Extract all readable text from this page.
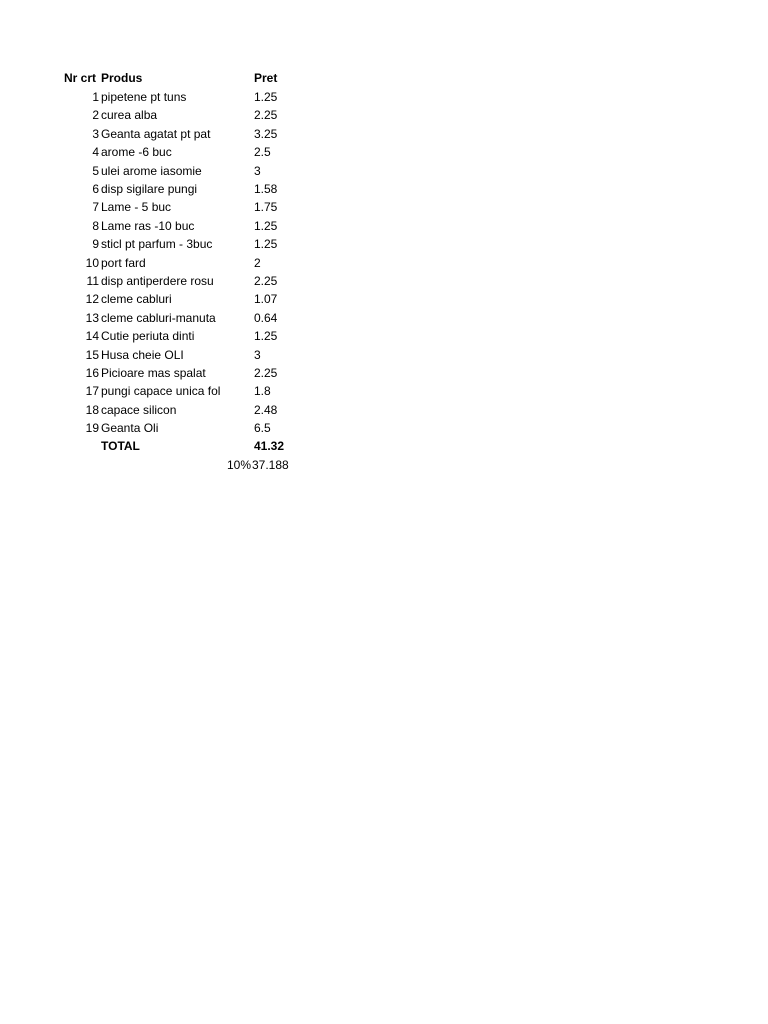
Nr crt Produs	Pret
1 pipetene pt tuns	1.25
2 curea alba	2.25
3 Geanta agatat pt pat	3.25
4 arome -6 buc	2.5
5 ulei arome iasomie	3
6 disp sigilare pungi	1.58
7 Lame - 5 buc	1.75
8 Lame ras -10 buc	1.25
9 sticl pt parfum - 3buc	1.25
10 port fard	2
11 disp antiperdere rosu	2.25
12 cleme cabluri	1.07
13 cleme cabluri-manuta	0.64
14 Cutie periuta dinti	1.25
15 Husa cheie OLI	3
16 Picioare mas spalat	2.25
17 pungi capace unica fol	1.8
18 capace silicon	2.48
19 Geanta Oli	6.5
TOTAL	41.32
10% 37.188
